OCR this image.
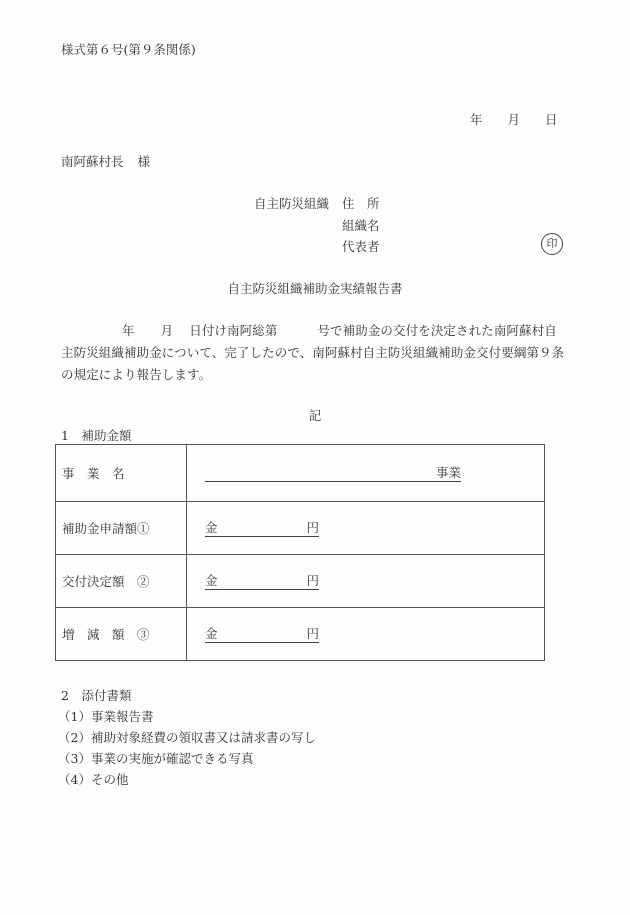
様式第６号(第９条関係)
年 月 日
南阿蘇村長 様
自主防災組織 住　所
組織名
代表者	印
自主防災組織補助金実績報告書
年 月 日付け南阿総第	号で補助金の交付を決定された南阿蘇村自主防災組織補助金について、完了したので、南阿蘇村自主防災組織補助金交付要綱第９条の規定により報告します。
記
1　補助金額
事　業　名	事業
補助金申請額①	金 円

交付決定額　②	金 円

増　減　額　③	金 円
2　添付書類
（1）事業報告書
（2）補助対象経費の領収書又は請求書の写し
（3）事業の実施が確認できる写真
（4）その他
